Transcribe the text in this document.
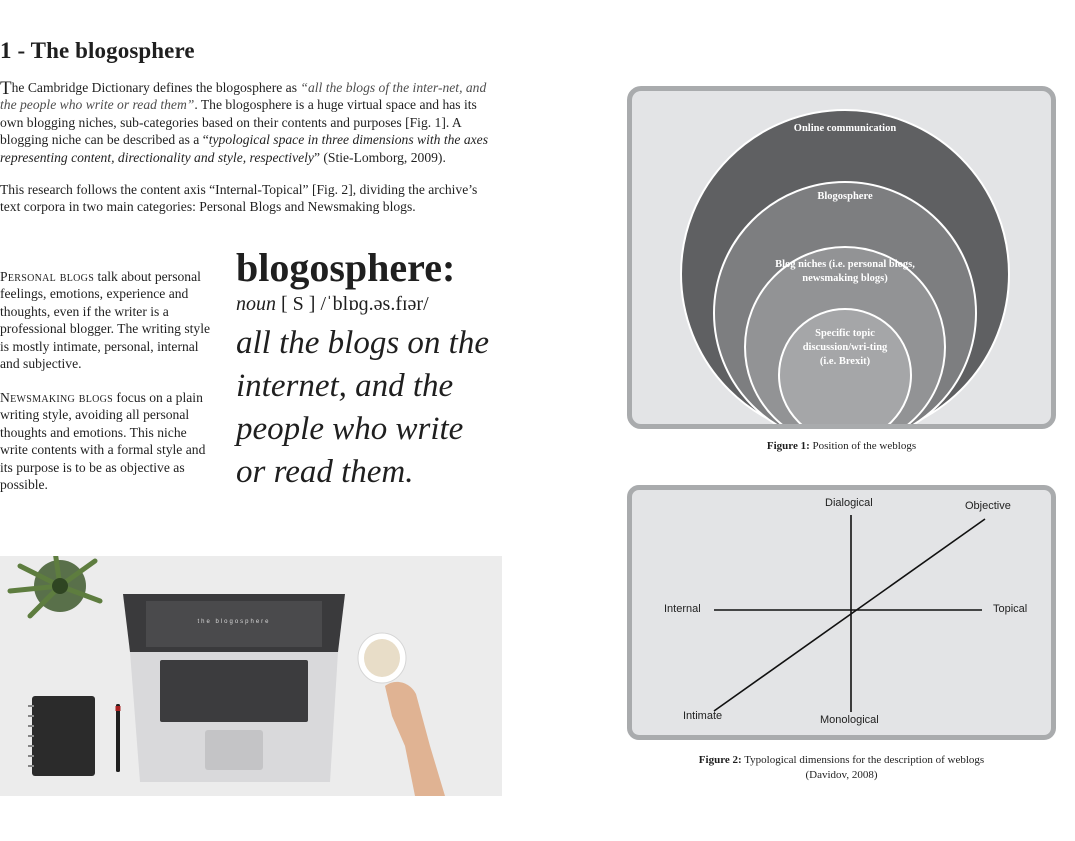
1 - The blogosphere
The Cambridge Dictionary defines the blogosphere as “all the blogs of the inter-net, and the people who write or read them”. The blogosphere is a huge virtual space and has its own blogging niches, sub-categories based on their contents and purposes [Fig. 1]. A blogging niche can be described as a “typological space in three dimensions with the axes representing content, directionality and style, respectively” (Stie-Lomborg, 2009).
This research follows the content axis “Internal-Topical” [Fig. 2], dividing the archive’s text corpora in two main categories: Personal Blogs and Newsmaking blogs.
Personal blogs talk about personal feelings, emotions, experience and thoughts, even if the writer is a professional blogger. The writing style is mostly intimate, personal, internal and subjective.
Newsmaking blogs focus on a plain writing style, avoiding all personal thoughts and emotions. This niche write contents with a formal style and its purpose is to be as objective as possible.
blogosphere:
noun [ S ] /ˈblɒɡ.əs.fɪər/
all the blogs on the internet, and the people who write or read them.
the blogosphere
Online communication
Blogosphere
Blog niches (i.e. personal blogs, newsmaking blogs)
Specific topic discussion/wri-ting (i.e. Brexit)
Figure 1: Position of the weblogs
Dialogical
Monological
Internal	Topical
Objective
Intimate
Figure 2: Typological dimensions for the description of weblogs
(Davidov, 2008)
